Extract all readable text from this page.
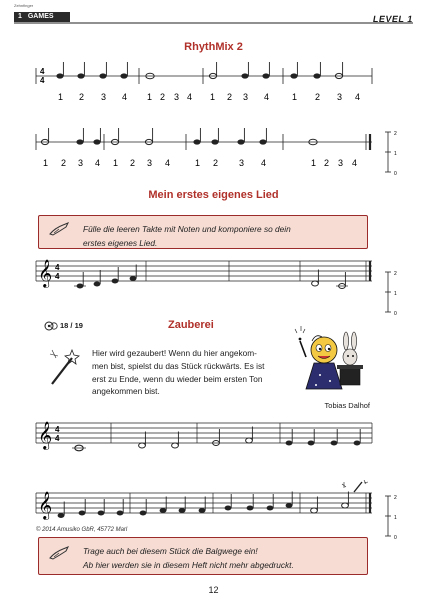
Zehnfinger
1 GAMES	LEVEL 1
RhythMix 2
4
4
1 2 3 4 1 2 3 4 1 2 3 4	1 2 3 4
1 2 3 4 1 2 3 4	1 2 3 4	1 2 3 4
2
1
0
Mein erstes eigenes Lied
Fülle die leeren Takte mit Noten und komponiere so dein
erstes eigenes Lied.
𝄞 4
4	2
1
0
18 / 19	Zauberei
Hier wird gezaubert! Wenn du hier angekom-
men bist, spielst du das Stück rückwärts. Es ist
erst zu Ende, wenn du wieder beim ersten Ton
angekommen bist.
Tobias Dalhof
𝄞 4
4
𝄞	2
1
0
© 2014 Amusiko GbR, 45772 Marl
Trage auch bei diesem Stück die Balgwege ein!
Ab hier werden sie in diesem Heft nicht mehr abgedruckt.
12
